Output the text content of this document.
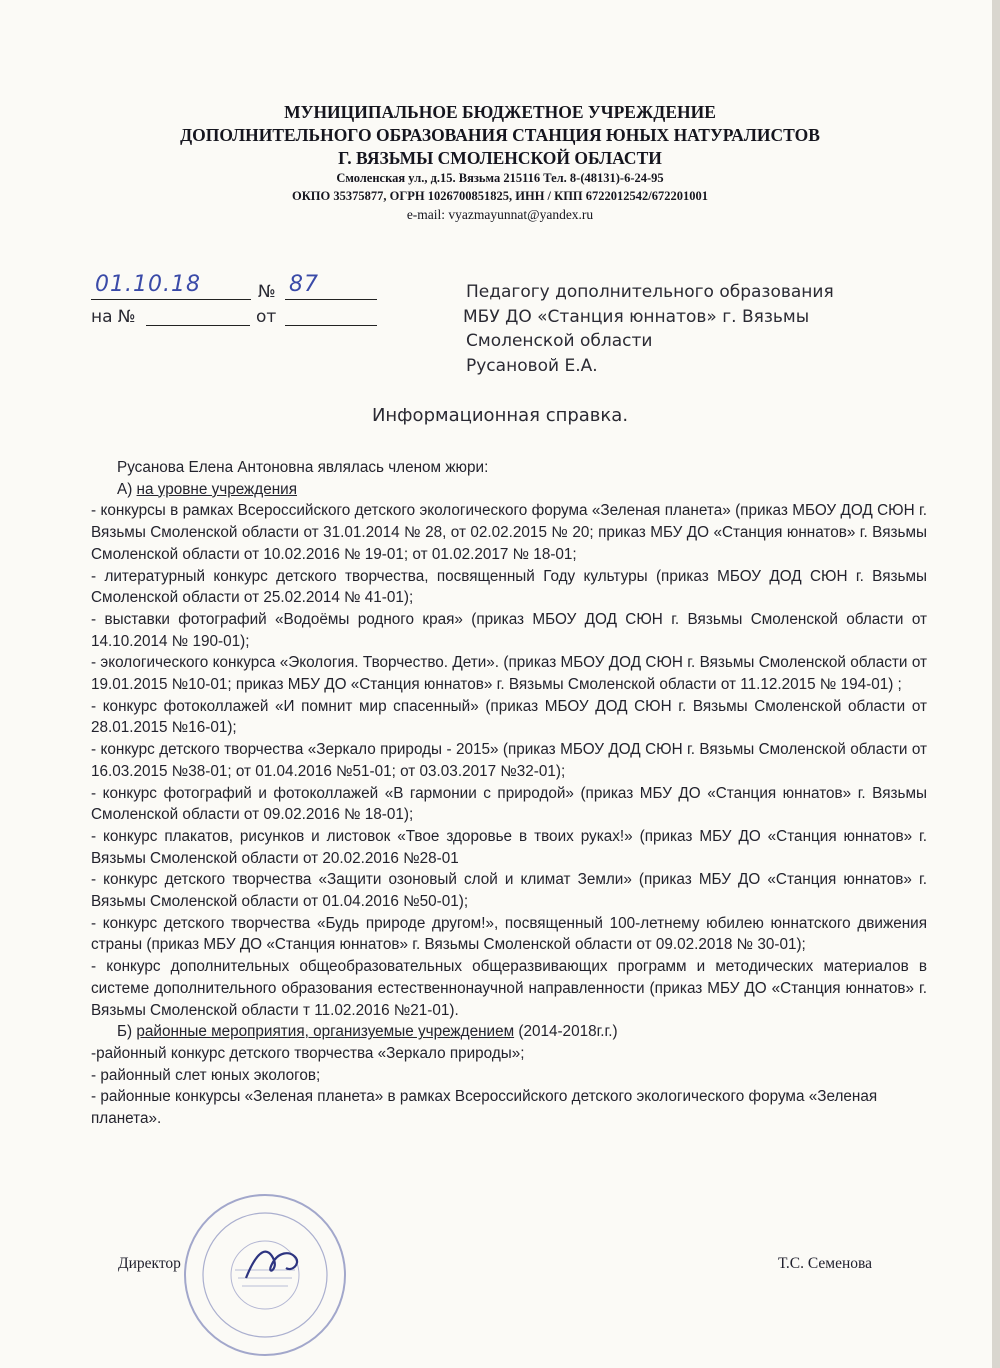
МУНИЦИПАЛЬНОЕ БЮДЖЕТНОЕ УЧРЕЖДЕНИЕ
ДОПОЛНИТЕЛЬНОГО ОБРАЗОВАНИЯ СТАНЦИЯ ЮНЫХ НАТУРАЛИСТОВ
Г. ВЯЗЬМЫ СМОЛЕНСКОЙ ОБЛАСТИ
Смоленская ул., д.15. Вязьма 215116 Тел. 8-(48131)-6-24-95
ОКПО 35375877, ОГРН 1026700851825, ИНН / КПП 6722012542/672201001
e-mail: vyazmayunnat@yandex.ru
01.10.18	№ 87
на №	от
Педагогу дополнительного образования
МБУ ДО «Станция юннатов» г. Вязьмы
Смоленской области
Русановой Е.А.
Информационная справка.

Русанова Елена Антоновна являлась членом жюри:

А) на уровне учреждения

- конкурсы в рамках Всероссийского детского экологического форума «Зеленая планета» (приказ МБОУ ДОД СЮН г. Вязьмы Смоленской области от 31.01.2014 № 28, от 02.02.2015 № 20; приказ МБУ ДО «Станция юннатов» г. Вязьмы Смоленской области от 10.02.2016 № 19-01; от 01.02.2017 № 18-01;

- литературный конкурс детского творчества, посвященный Году культуры (приказ МБОУ ДОД СЮН г. Вязьмы Смоленской области от 25.02.2014 № 41-01);

- выставки фотографий «Водоёмы родного края» (приказ МБОУ ДОД СЮН г. Вязьмы Смоленской области от 14.10.2014 № 190-01);

- экологического конкурса «Экология. Творчество. Дети». (приказ МБОУ ДОД СЮН г. Вязьмы Смоленской области от 19.01.2015 №10-01; приказ МБУ ДО «Станция юннатов» г. Вязьмы Смоленской области от 11.12.2015 № 194-01) ;

- конкурс фотоколлажей «И помнит мир спасенный» (приказ МБОУ ДОД СЮН г. Вязьмы Смоленской области от 28.01.2015 №16-01);

- конкурс детского творчества «Зеркало природы - 2015» (приказ МБОУ ДОД СЮН г. Вязьмы Смоленской области от 16.03.2015 №38-01; от 01.04.2016 №51-01; от 03.03.2017 №32-01);

- конкурс фотографий и фотоколлажей «В гармонии с природой» (приказ МБУ ДО «Станция юннатов» г. Вязьмы Смоленской области от 09.02.2016 № 18-01);

- конкурс плакатов, рисунков и листовок «Твое здоровье в твоих руках!» (приказ МБУ ДО «Станция юннатов» г. Вязьмы Смоленской области от 20.02.2016 №28-01

- конкурс детского творчества «Защити озоновый слой и климат Земли» (приказ МБУ ДО «Станция юннатов» г. Вязьмы Смоленской области от 01.04.2016 №50-01);

- конкурс детского творчества «Будь природе другом!», посвященный 100-летнему юбилею юннатского движения страны (приказ МБУ ДО «Станция юннатов» г. Вязьмы Смоленской области от 09.02.2018 № 30-01);

- конкурс дополнительных общеобразовательных общеразвивающих программ и методических материалов в системе дополнительного образования естественнонаучной направленности (приказ МБУ ДО «Станция юннатов» г. Вязьмы Смоленской области т 11.02.2016 №21-01).

Б) районные мероприятия, организуемые учреждением (2014-2018г.г.)

-районный конкурс детского творчества «Зеркало природы»;

- районный слет юных экологов;

- районные конкурсы «Зеленая планета» в рамках Всероссийского детского экологического форума «Зеленая планета».

Директор	Т.С. Семенова
